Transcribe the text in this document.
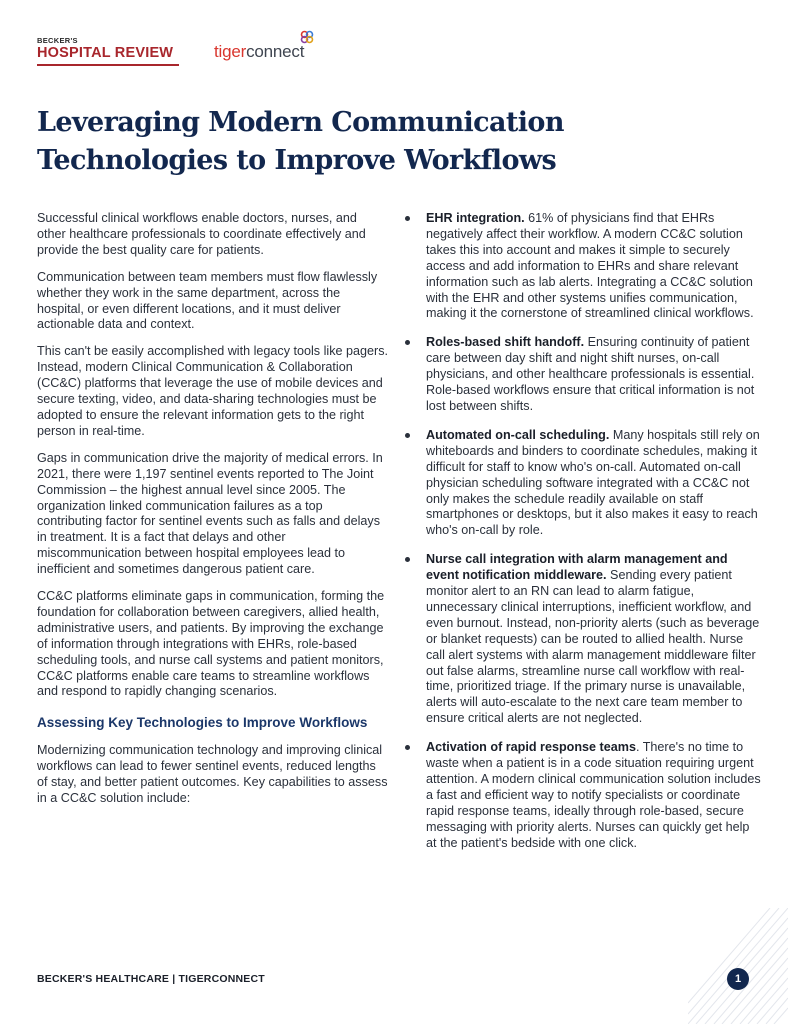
BECKER'S
HOSPITAL REVIEW	tigerconnect
Leveraging Modern Communication Technologies to Improve Workflows

Successful clinical workflows enable doctors, nurses, and other healthcare professionals to coordinate effectively and provide the best quality care for patients.

Communication between team members must flow flawlessly whether they work in the same department, across the hospital, or even different locations, and it must deliver actionable data and context.

This can't be easily accomplished with legacy tools like pagers. Instead, modern Clinical Communication & Collaboration (CC&C) platforms that leverage the use of mobile devices and secure texting, video, and data-sharing technologies must be adopted to ensure the relevant information gets to the right person in real-time.

Gaps in communication drive the majority of medical errors. In 2021, there were 1,197 sentinel events reported to The Joint Commission – the highest annual level since 2005. The organization linked communication failures as a top contributing factor for sentinel events such as falls and delays in treatment. It is a fact that delays and other miscommunication between hospital employees lead to inefficient and sometimes dangerous patient care.

CC&C platforms eliminate gaps in communication, forming the foundation for collaboration between caregivers, allied health, administrative users, and patients. By improving the exchange of information through integrations with EHRs, role-based scheduling tools, and nurse call systems and patient monitors, CC&C platforms enable care teams to streamline workflows and respond to rapidly changing scenarios.

Assessing Key Technologies to Improve Workflows

Modernizing communication technology and improving clinical workflows can lead to fewer sentinel events, reduced lengths of stay, and better patient outcomes. Key capabilities to assess in a CC&C solution include:

EHR integration. 61% of physicians find that EHRs negatively affect their workflow. A modern CC&C solution takes this into account and makes it simple to securely access and add information to EHRs and share relevant information such as lab alerts. Integrating a CC&C solution with the EHR and other systems unifies communication, making it the cornerstone of streamlined clinical workflows.
Roles-based shift handoff. Ensuring continuity of patient care between day shift and night shift nurses, on-call physicians, and other healthcare professionals is essential. Role-based workflows ensure that critical information is not lost between shifts.
Automated on-call scheduling. Many hospitals still rely on whiteboards and binders to coordinate schedules, making it difficult for staff to know who's on-call. Automated on-call physician scheduling software integrated with a CC&C not only makes the schedule readily available on staff smartphones or desktops, but it also makes it easy to reach who's on-call by role.
Nurse call integration with alarm management and event notification middleware. Sending every patient monitor alert to an RN can lead to alarm fatigue, unnecessary clinical interruptions, inefficient workflow, and even burnout. Instead, non-priority alerts (such as beverage or blanket requests) can be routed to allied health. Nurse call alert systems with alarm management middleware filter out false alarms, streamline nurse call workflow with real-time, prioritized triage. If the primary nurse is unavailable, alerts will auto-escalate to the next care team member to ensure critical alerts are not neglected.
Activation of rapid response teams. There's no time to waste when a patient is in a code situation requiring urgent attention. A modern clinical communication solution includes a fast and efficient way to notify specialists or coordinate rapid response teams, ideally through role-based, secure messaging with priority alerts. Nurses can quickly get help at the patient's bedside with one click.
BECKER'S HEALTHCARE | TIGERCONNECT	1
